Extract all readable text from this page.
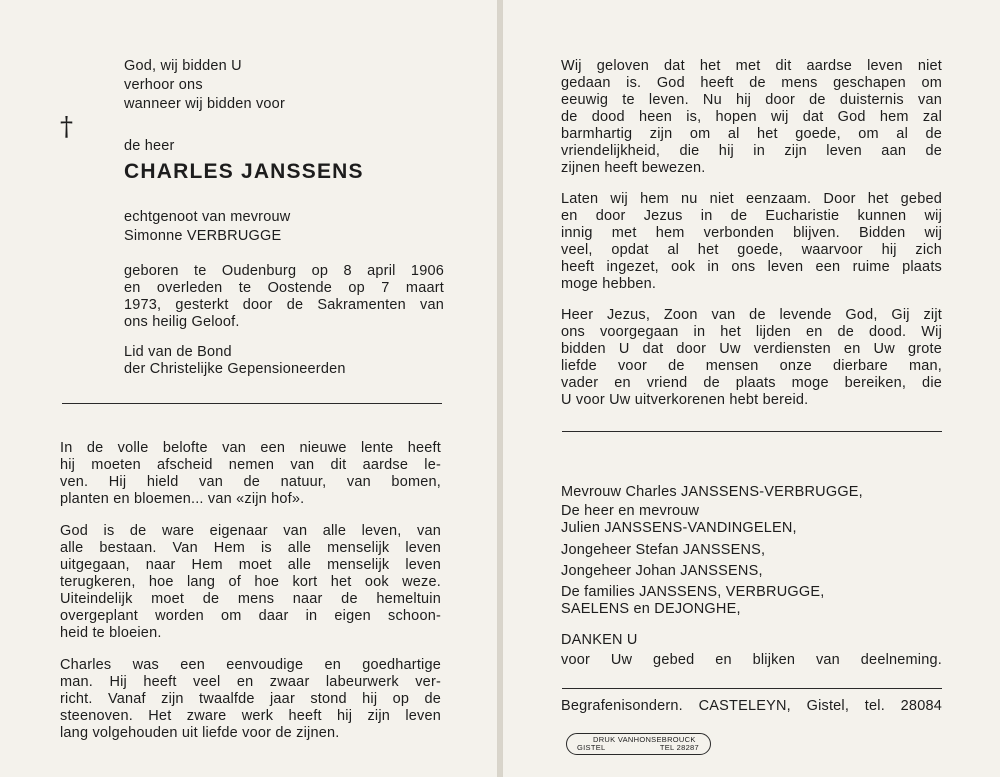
God, wij bidden U
verhoor ons
wanneer wij bidden voor
†
de heer
CHARLES JANSSENS
echtgenoot van mevrouw
Simonne VERBRUGGE
geboren te Oudenburg op 8 april 1906
en overleden te Oostende op 7 maart
1973, gesterkt door de Sakramenten van
ons heilig Geloof.
Lid van de Bond
der Christelijke Gepensioneerden
In de volle belofte van een nieuwe lente heeft
hij moeten afscheid nemen van dit aardse le-
ven. Hij hield van de natuur, van bomen,
planten en bloemen... van «zijn hof».
God is de ware eigenaar van alle leven, van
alle bestaan. Van Hem is alle menselijk leven
uitgegaan, naar Hem moet alle menselijk leven
terugkeren, hoe lang of hoe kort het ook weze.
Uiteindelijk moet de mens naar de hemeltuin
overgeplant worden om daar in eigen schoon-
heid te bloeien.
Charles was een eenvoudige en goedhartige
man. Hij heeft veel en zwaar labeurwerk ver-
richt. Vanaf zijn twaalfde jaar stond hij op de
steenoven. Het zware werk heeft hij zijn leven
lang volgehouden uit liefde voor de zijnen.
Wij geloven dat het met dit aardse leven niet
gedaan is. God heeft de mens geschapen om
eeuwig te leven. Nu hij door de duisternis van
de dood heen is, hopen wij dat God hem zal
barmhartig zijn om al het goede, om al de
vriendelijkheid, die hij in zijn leven aan de
zijnen heeft bewezen.
Laten wij hem nu niet eenzaam. Door het gebed
en door Jezus in de Eucharistie kunnen wij
innig met hem verbonden blijven. Bidden wij
veel, opdat al het goede, waarvoor hij zich
heeft ingezet, ook in ons leven een ruime plaats
moge hebben.
Heer Jezus, Zoon van de levende God, Gij zijt
ons voorgegaan in het lijden en de dood. Wij
bidden U dat door Uw verdiensten en Uw grote
liefde voor de mensen onze dierbare man,
vader en vriend de plaats moge bereiken, die
U voor Uw uitverkorenen hebt bereid.
Mevrouw Charles JANSSENS-VERBRUGGE,
De heer en mevrouw
Julien JANSSENS-VANDINGELEN,
Jongeheer Stefan JANSSENS,
Jongeheer Johan JANSSENS,
De families JANSSENS, VERBRUGGE,
SAELENS en DEJONGHE,
DANKEN U
voor Uw gebed en blijken van deelneming.
Begrafenisondern. CASTELEYN, Gistel, tel. 28084
DRUK VANHONSEBROUCK
GISTEL	TEL 28287
